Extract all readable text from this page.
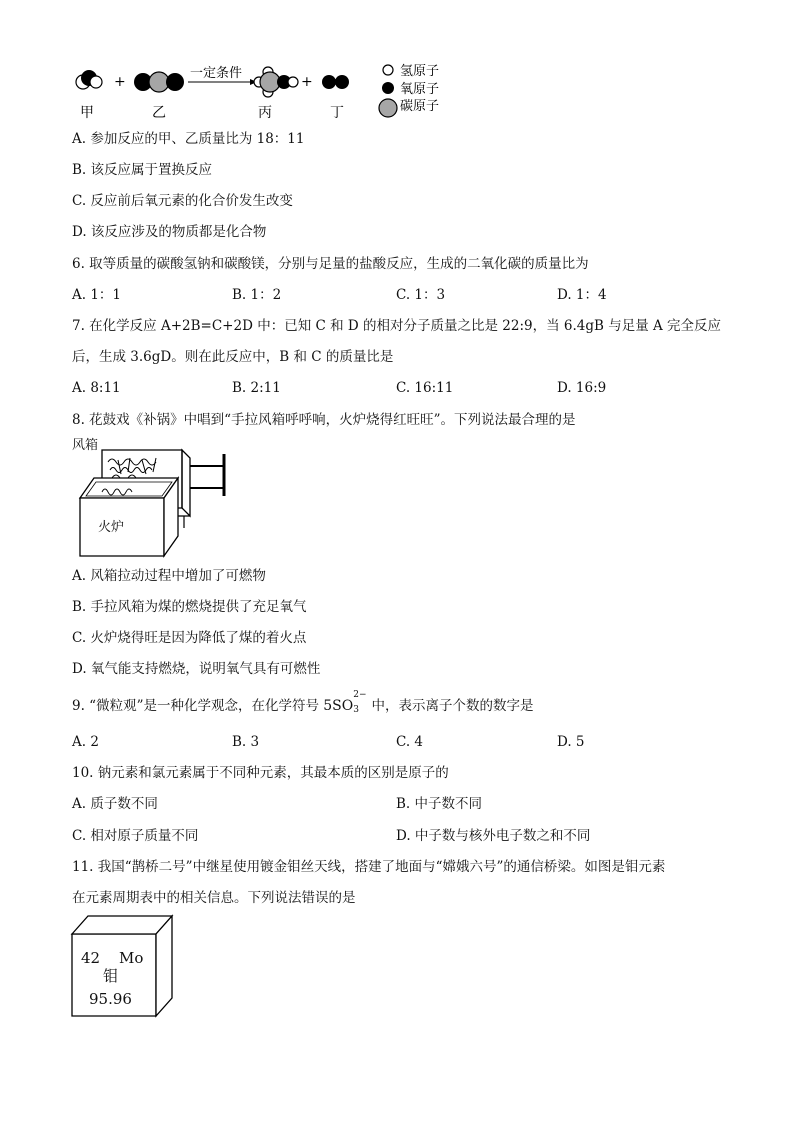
+
一定条件
+
甲	乙	丙	丁
氢原子
氧原子
碳原子
A. 参加反应的甲、乙质量比为 18：11
B. 该反应属于置换反应
C. 反应前后氧元素的化合价发生改变
D. 该反应涉及的物质都是化合物
6. 取等质量的碳酸氢钠和碳酸镁，分别与足量的盐酸反应，生成的二氧化碳的质量比为
A. 1：1	B. 1：2	C. 1：3	D. 1：4
7. 在化学反应 A+2B=C+2D 中：已知 C 和 D 的相对分子质量之比是 22:9，当 6.4gB 与足量 A 完全反应
后，生成 3.6gD。则在此反应中，B 和 C 的质量比是
A. 8:11	B. 2:11	C. 16:11	D. 16:9
8. 花鼓戏《补锅》中唱到“手拉风箱呼呼响，火炉烧得红旺旺”。下列说法最合理的是
风箱
火炉
A. 风箱拉动过程中增加了可燃物
B. 手拉风箱为煤的燃烧提供了充足氧气
C. 火炉烧得旺是因为降低了煤的着火点
D. 氧气能支持燃烧，说明氧气具有可燃性
9. “微粒观”是一种化学观念，在化学符号 5SO
2−
3 中，表示离子个数的数字是
A. 2	B. 3	C. 4	D. 5
10. 钠元素和氯元素属于不同种元素，其最本质的区别是原子的
A. 质子数不同	B. 中子数不同
C. 相对原子质量不同	D. 中子数与核外电子数之和不同
11. 我国“鹊桥二号”中继星使用镀金钼丝天线，搭建了地面与“嫦娥六号”的通信桥梁。如图是钼元素
在元素周期表中的相关信息。下列说法错误的是
42 Mo
钼
95.96
